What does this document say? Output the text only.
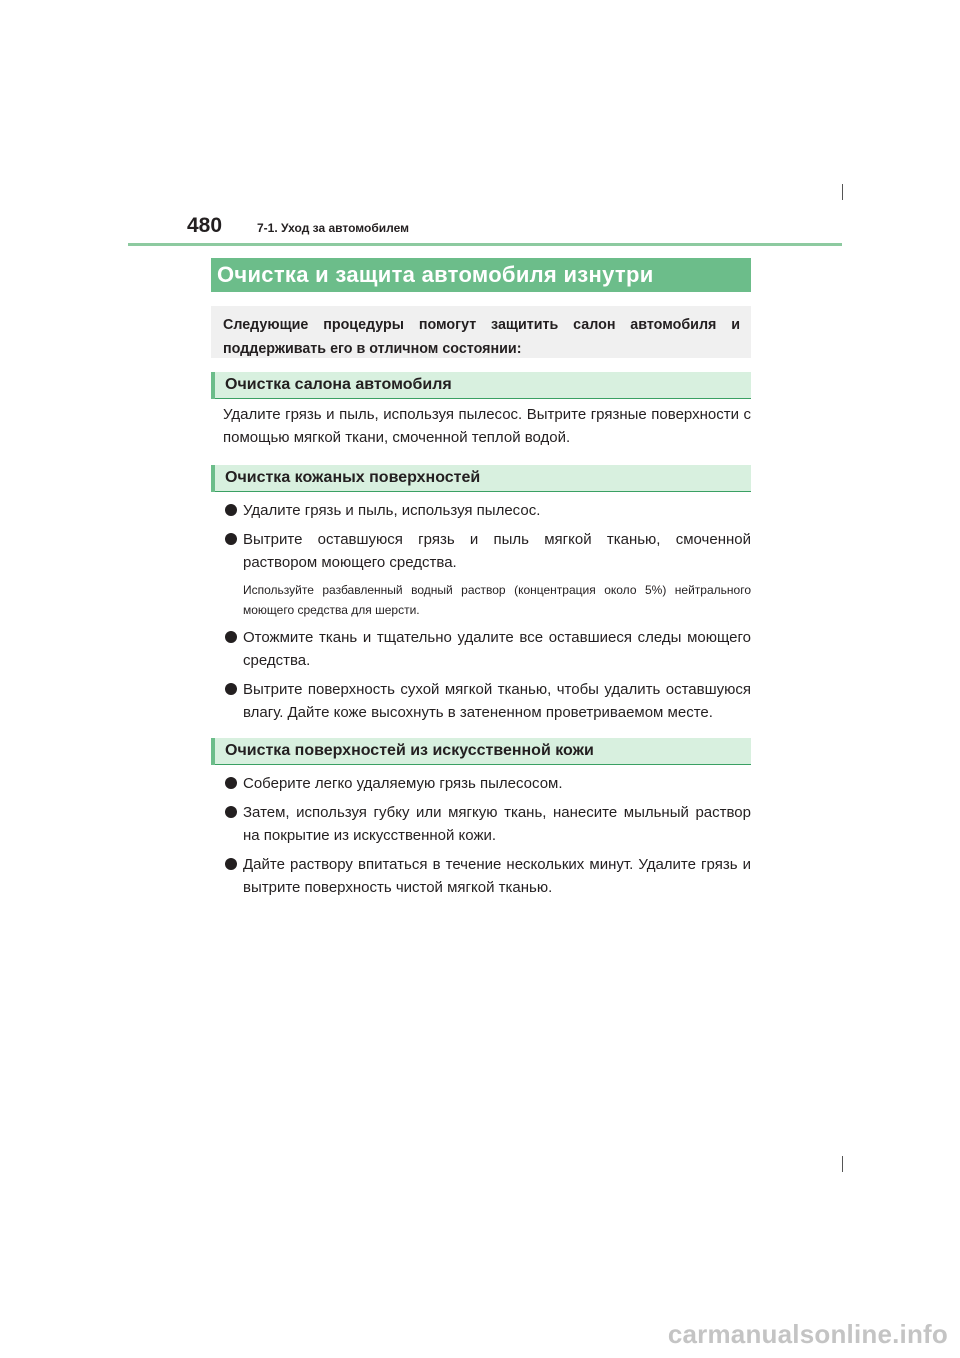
480	7-1. Уход за автомобилем
Очистка и защита автомобиля изнутри
Следующие процедуры помогут защитить салон автомобиля и поддерживать его в отличном состоянии:
Очистка салона автомобиля
Удалите грязь и пыль, используя пылесос. Вытрите грязные поверхности с помощью мягкой ткани, смоченной теплой водой.
Очистка кожаных поверхностей
Удалите грязь и пыль, используя пылесос.
Вытрите оставшуюся грязь и пыль мягкой тканью, смоченной раствором моющего средства.
Используйте разбавленный водный раствор (концентрация около 5%) нейтрального моющего средства для шерсти.
Отожмите ткань и тщательно удалите все оставшиеся следы моющего средства.
Вытрите поверхность сухой мягкой тканью, чтобы удалить оставшуюся влагу. Дайте коже высохнуть в затененном проветриваемом месте.
Очистка поверхностей из искусственной кожи
Соберите легко удаляемую грязь пылесосом.
Затем, используя губку или мягкую ткань, нанесите мыльный раствор на покрытие из искусственной кожи.
Дайте раствору впитаться в течение нескольких минут. Удалите грязь и вытрите поверхность чистой мягкой тканью.
carmanualsonline.info
